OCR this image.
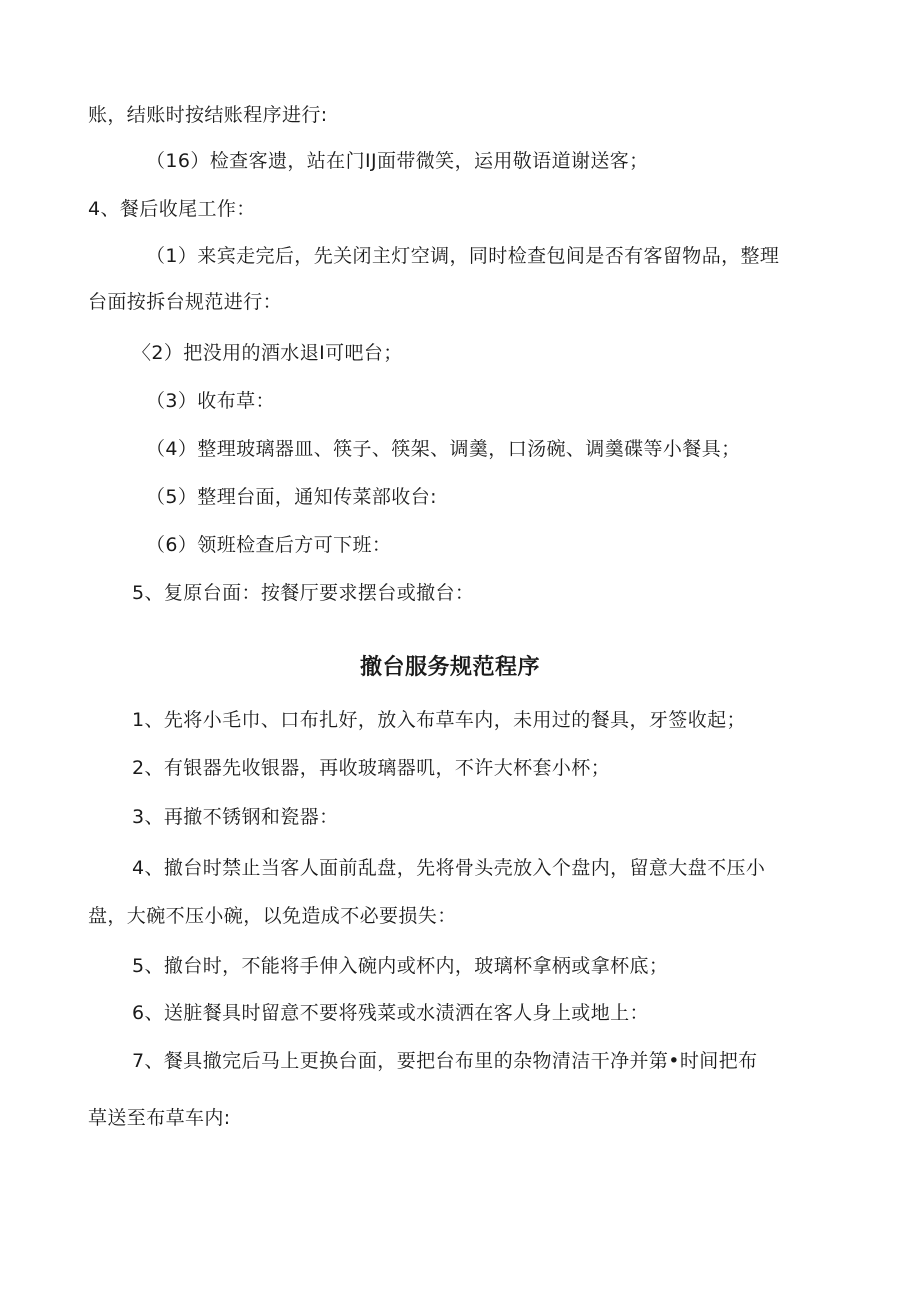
账，结账时按结账程序进行:
（16）检查客遗，站在门IJ面带微笑，运用敬语道谢送客；
4、餐后收尾工作：
（1）来宾走完后，先关闭主灯空调，同时检查包间是否有客留物品，整理
台面按拆台规范进行：
〈2）把没用的酒水退I可吧台；
（3）收布草：
（4）整理玻璃器皿、筷子、筷架、调羹，口汤碗、调羹碟等小餐具；
（5）整理台面，通知传菜部收台:
（6）领班检查后方可下班：
5、复原台面：按餐厅要求摆台或撤台：
撤台服务规范程序
1、先将小毛巾、口布扎好，放入布草车内，未用过的餐具，牙签收起；
2、有银器先收银器，再收玻璃器叽，不许大杯套小杯；
3、再撤不锈钢和瓷器：
4、撤台时禁止当客人面前乱盘，先将骨头壳放入个盘内，留意大盘不压小
盘，大碗不压小碗，以免造成不必要损失：
5、撤台时，不能将手伸入碗内或杯内，玻璃杯拿柄或拿杯底；
6、送脏餐具时留意不要将残菜或水渍洒在客人身上或地上：
7、餐具撤完后马上更换台面，要把台布里的杂物清洁干净并第•时间把布
草送至布草车内:
